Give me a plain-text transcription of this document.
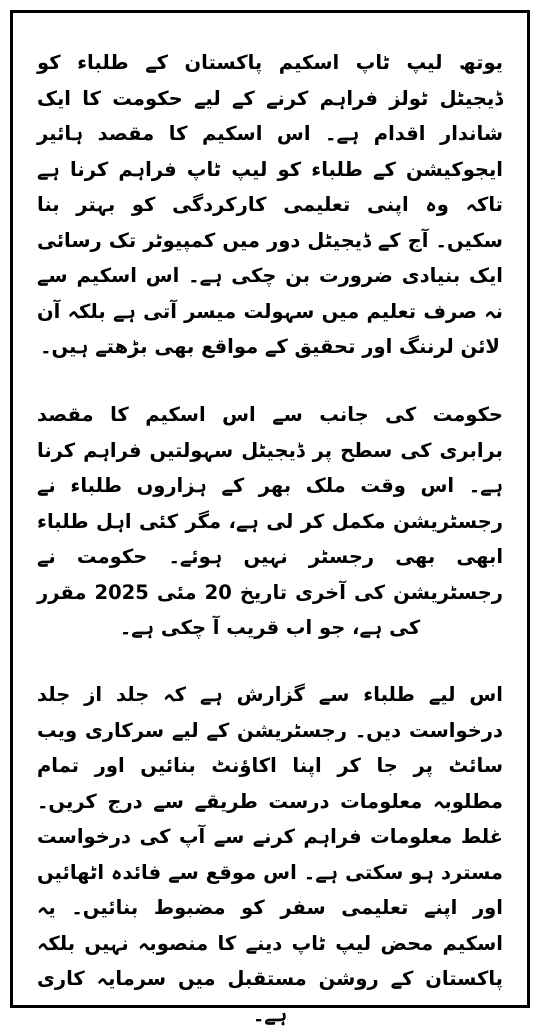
یوتھ لیپ ٹاپ اسکیم پاکستان کے طلباء کو ڈیجیٹل ٹولز فراہم کرنے کے لیے حکومت کا ایک شاندار اقدام ہے۔ اس اسکیم کا مقصد ہائیر ایجوکیشن کے طلباء کو لیپ ٹاپ فراہم کرنا ہے تاکہ وہ اپنی تعلیمی کارکردگی کو بہتر بنا سکیں۔ آج کے ڈیجیٹل دور میں کمپیوٹر تک رسائی ایک بنیادی ضرورت بن چکی ہے۔ اس اسکیم سے نہ صرف تعلیم میں سہولت میسر آتی ہے بلکہ آن لائن لرننگ اور تحقیق کے مواقع بھی بڑھتے ہیں۔

حکومت کی جانب سے اس اسکیم کا مقصد برابری کی سطح پر ڈیجیٹل سہولتیں فراہم کرنا ہے۔ اس وقت ملک بھر کے ہزاروں طلباء نے رجسٹریشن مکمل کر لی ہے، مگر کئی اہل طلباء ابھی بھی رجسٹر نہیں ہوئے۔ حکومت نے رجسٹریشن کی آخری تاریخ 20 مئی 2025 مقرر کی ہے، جو اب قریب آ چکی ہے۔

اس لیے طلباء سے گزارش ہے کہ جلد از جلد درخواست دیں۔ رجسٹریشن کے لیے سرکاری ویب سائٹ پر جا کر اپنا اکاؤنٹ بنائیں اور تمام مطلوبہ معلومات درست طریقے سے درج کریں۔ غلط معلومات فراہم کرنے سے آپ کی درخواست مسترد ہو سکتی ہے۔ اس موقع سے فائدہ اٹھائیں اور اپنے تعلیمی سفر کو مضبوط بنائیں۔ یہ اسکیم محض لیپ ٹاپ دینے کا منصوبہ نہیں بلکہ پاکستان کے روشن مستقبل میں سرمایہ کاری ہے۔
